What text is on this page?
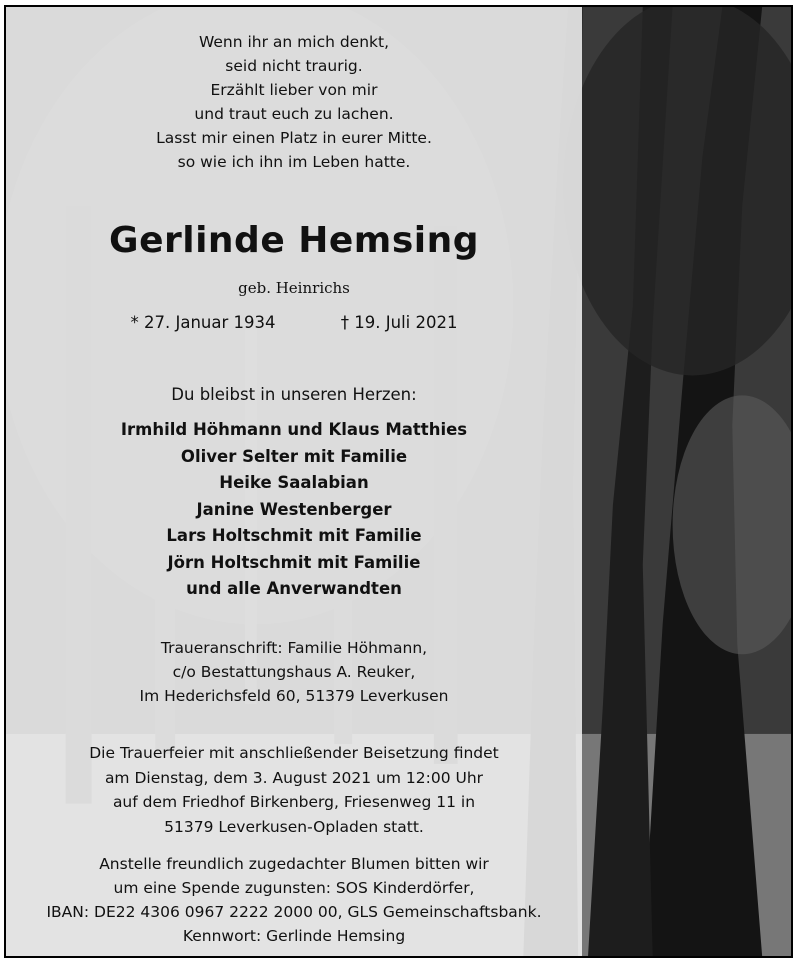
Wenn ihr an mich denkt,
seid nicht traurig.
Erzählt lieber von mir
und traut euch zu lachen.
Lasst mir einen Platz in eurer Mitte.
so wie ich ihn im Leben hatte.
Gerlinde Hemsing
geb. Heinrichs
* 27. Januar 1934	† 19. Juli 2021
Du bleibst in unseren Herzen:
Irmhild Höhmann und Klaus Matthies
Oliver Selter mit Familie
Heike Saalabian
Janine Westenberger
Lars Holtschmit mit Familie
Jörn Holtschmit mit Familie
und alle Anverwandten
Traueranschrift: Familie Höhmann,
c/o Bestattungshaus A. Reuker,
Im Hederichsfeld 60, 51379 Leverkusen
Die Trauerfeier mit anschließender Beisetzung findet
am Dienstag, dem 3. August 2021 um 12:00 Uhr
auf dem Friedhof Birkenberg, Friesenweg 11 in
51379 Leverkusen-Opladen statt.
Anstelle freundlich zugedachter Blumen bitten wir
um eine Spende zugunsten: SOS Kinderdörfer,
IBAN: DE22 4306 0967 2222 2000 00, GLS Gemeinschaftsbank.
Kennwort: Gerlinde Hemsing
